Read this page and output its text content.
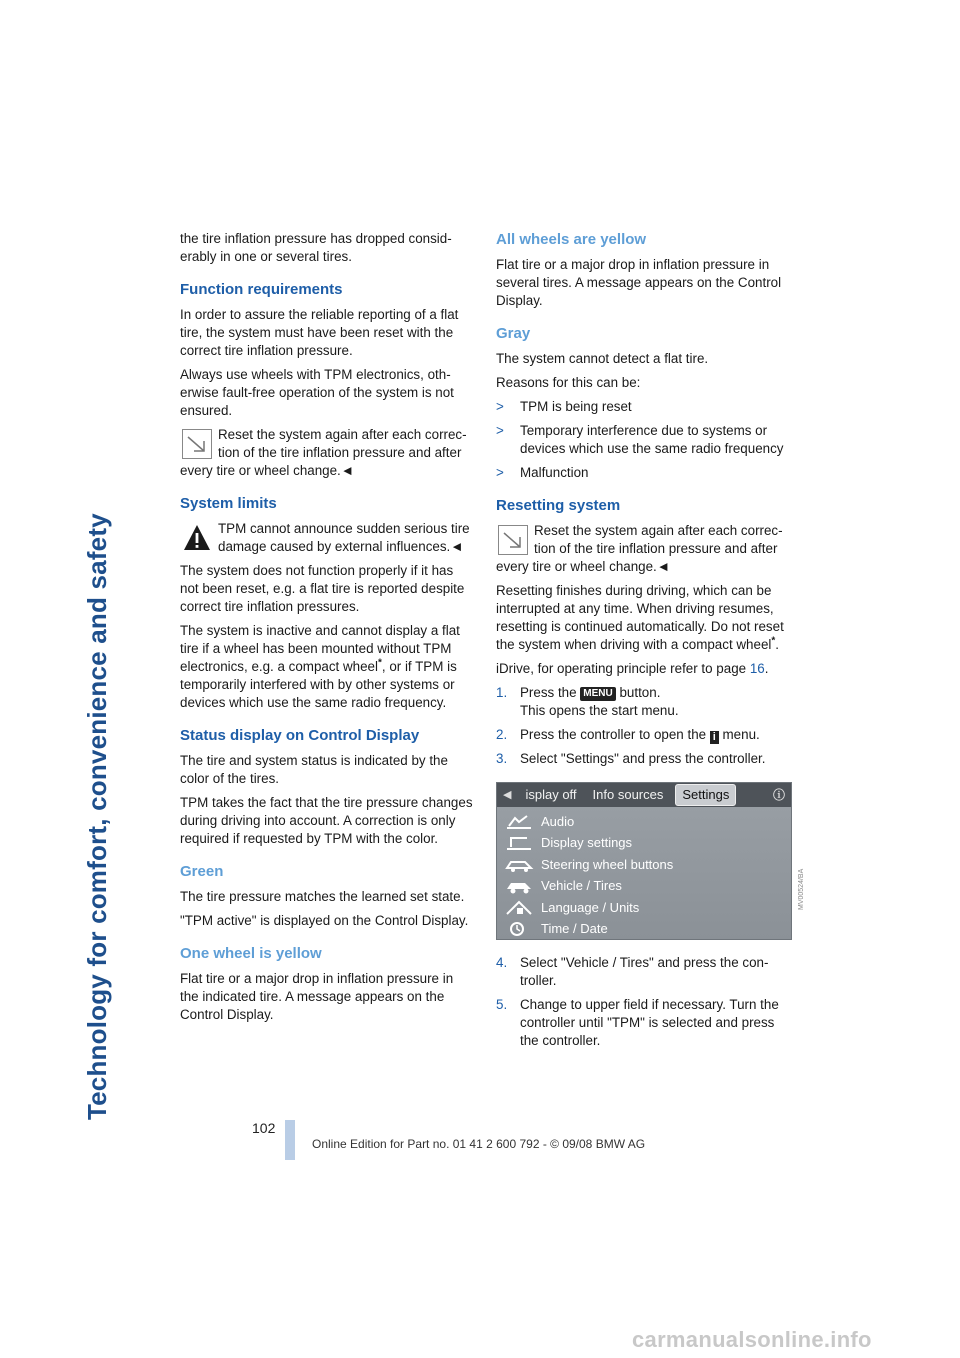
Technology for comfort, convenience and safety

the tire inflation pressure has dropped considerably in one or several tires.

Function requirements

In order to assure the reliable reporting of a flat tire, the system must have been reset with the correct tire inflation pressure.

Always use wheels with TPM electronics, otherwise fault-free operation of the system is not ensured.

Reset the system again after each correction of the tire inflation pressure and after every tire or wheel change.◄
System limits
TPM cannot announce sudden serious tire damage caused by external influences.◄

The system does not function properly if it has not been reset, e.g. a flat tire is reported despite correct tire inflation pressures.

The system is inactive and cannot display a flat tire if a wheel has been mounted without TPM electronics, e.g. a compact wheel*, or if TPM is temporarily interfered with by other systems or devices which use the same radio frequency.

Status display on Control Display

The tire and system status is indicated by the color of the tires.

TPM takes the fact that the tire pressure changes during driving into account. A correction is only required if requested by TPM with the color.

Green

The tire pressure matches the learned set state.

"TPM active" is displayed on the Control Display.

One wheel is yellow

Flat tire or a major drop in inflation pressure in the indicated tire. A message appears on the Control Display.

All wheels are yellow

Flat tire or a major drop in inflation pressure in several tires. A message appears on the Control Display.

Gray

The system cannot detect a flat tire.

Reasons for this can be:

> TPM is being reset
> Temporary interference due to systems or devices which use the same radio frequency
> Malfunction
Resetting system
Reset the system again after each correction of the tire inflation pressure and after every tire or wheel change.◄

Resetting finishes during driving, which can be interrupted at any time. When driving resumes, resetting is continued automatically. Do not reset the system when driving with a compact wheel*.

iDrive, for operating principle refer to page 16.

1. Press the MENU button.
This opens the start menu.
2. Press the controller to open the i menu.
3. Select "Settings" and press the controller.
◀	isplay off	Info sources	Settings	ⓘ
Audio
Display settings
Steering wheel buttons
Vehicle / Tires
Language / Units
Time / Date
4. Select "Vehicle / Tires" and press the controller.
5. Change to upper field if necessary. Turn the controller until "TPM" is selected and press the controller.
MV00524/BA
102
Online Edition for Part no. 01 41 2 600 792 - © 09/08 BMW AG
carmanualsonline.info
